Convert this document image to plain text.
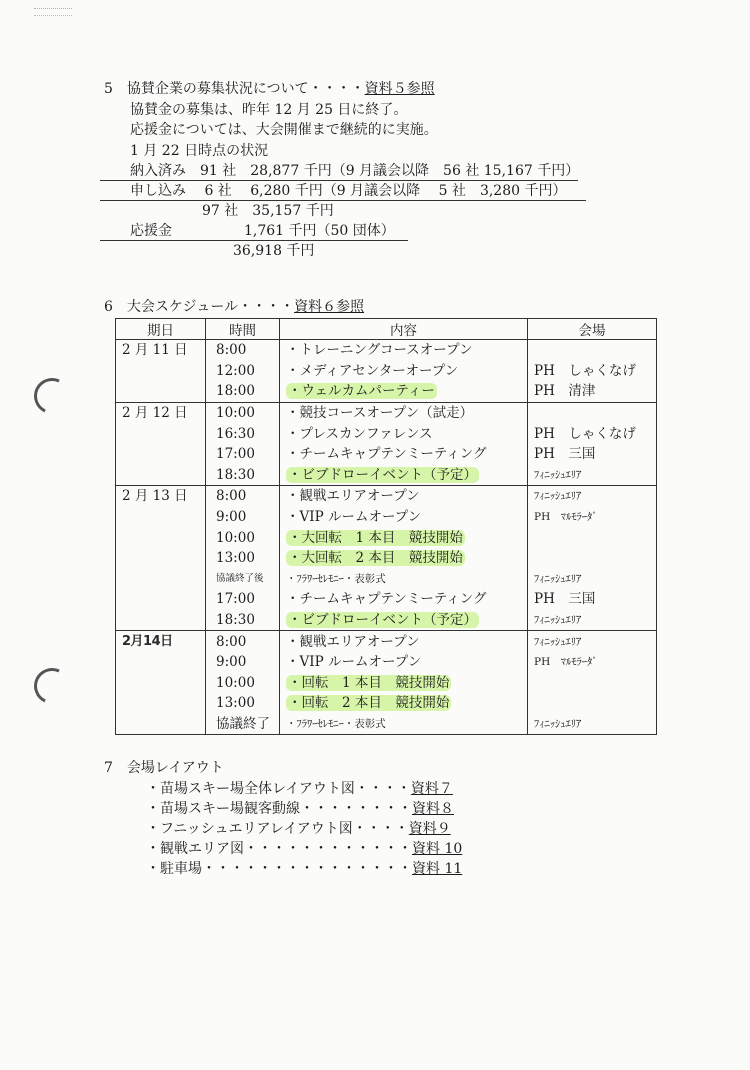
5　協賛企業の募集状況について・・・・資料５参照
協賛金の募集は、昨年 12 月 25 日に終了。
応援金については、大会開催まで継続的に実施。
1 月 22 日時点の状況
納入済み　91 社　28,877 千円（9 月議会以降　56 社 15,167 千円）
申し込み　 6 社　 6,280 千円（9 月議会以降　 5 社　3,280 千円）
97 社　35,157 千円
応援金	1,761 千円（50 団体）
36,918 千円
6　大会スケジュール・・・・資料６参照
期日	時間	内容	会場
2 月 11 日	8:00	・トレーニングコースオープン	
	12:00	・メディアセンターオープン	PH　しゃくなげ
	18:00	・ウェルカムパーティー	PH　清津
2 月 12 日	10:00	・競技コースオープン（試走）	
	16:30	・プレスカンファレンス	PH　しゃくなげ
	17:00	・チームキャプテンミーティング	PH　三国
	18:30	・ビブドローイベント（予定）	ﾌｨﾆｯｼｭｴﾘｱ
2 月 13 日	8:00	・観戦エリアオープン	ﾌｨﾆｯｼｭｴﾘｱ
	9:00	・VIP ルームオープン	PH　ﾏﾙﾓﾗｰﾀﾞ
	10:00	・大回転　1 本目　競技開始	
	13:00	・大回転　2 本目　競技開始	
	協議終了後	・ﾌﾗﾜｰｾﾚﾓﾆｰ・表彰式	ﾌｨﾆｯｼｭｴﾘｱ
	17:00	・チームキャプテンミーティング	PH　三国
	18:30	・ビブドローイベント（予定）	ﾌｨﾆｯｼｭｴﾘｱ
2月14日	8:00	・観戦エリアオープン	ﾌｨﾆｯｼｭｴﾘｱ
	9:00	・VIP ルームオープン	PH　ﾏﾙﾓﾗｰﾀﾞ
	10:00	・回転　1 本目　競技開始	
	13:00	・回転　2 本目　競技開始	
	協議終了	・ﾌﾗﾜｰｾﾚﾓﾆｰ・表彰式	ﾌｨﾆｯｼｭｴﾘｱ
7　会場レイアウト
・苗場スキー場全体レイアウト図・・・・資料７
・苗場スキー場観客動線・・・・・・・・資料８
・フニッシュエリアレイアウト図・・・・資料９
・観戦エリア図・・・・・・・・・・・・資料 10
・駐車場・・・・・・・・・・・・・・・資料 11
